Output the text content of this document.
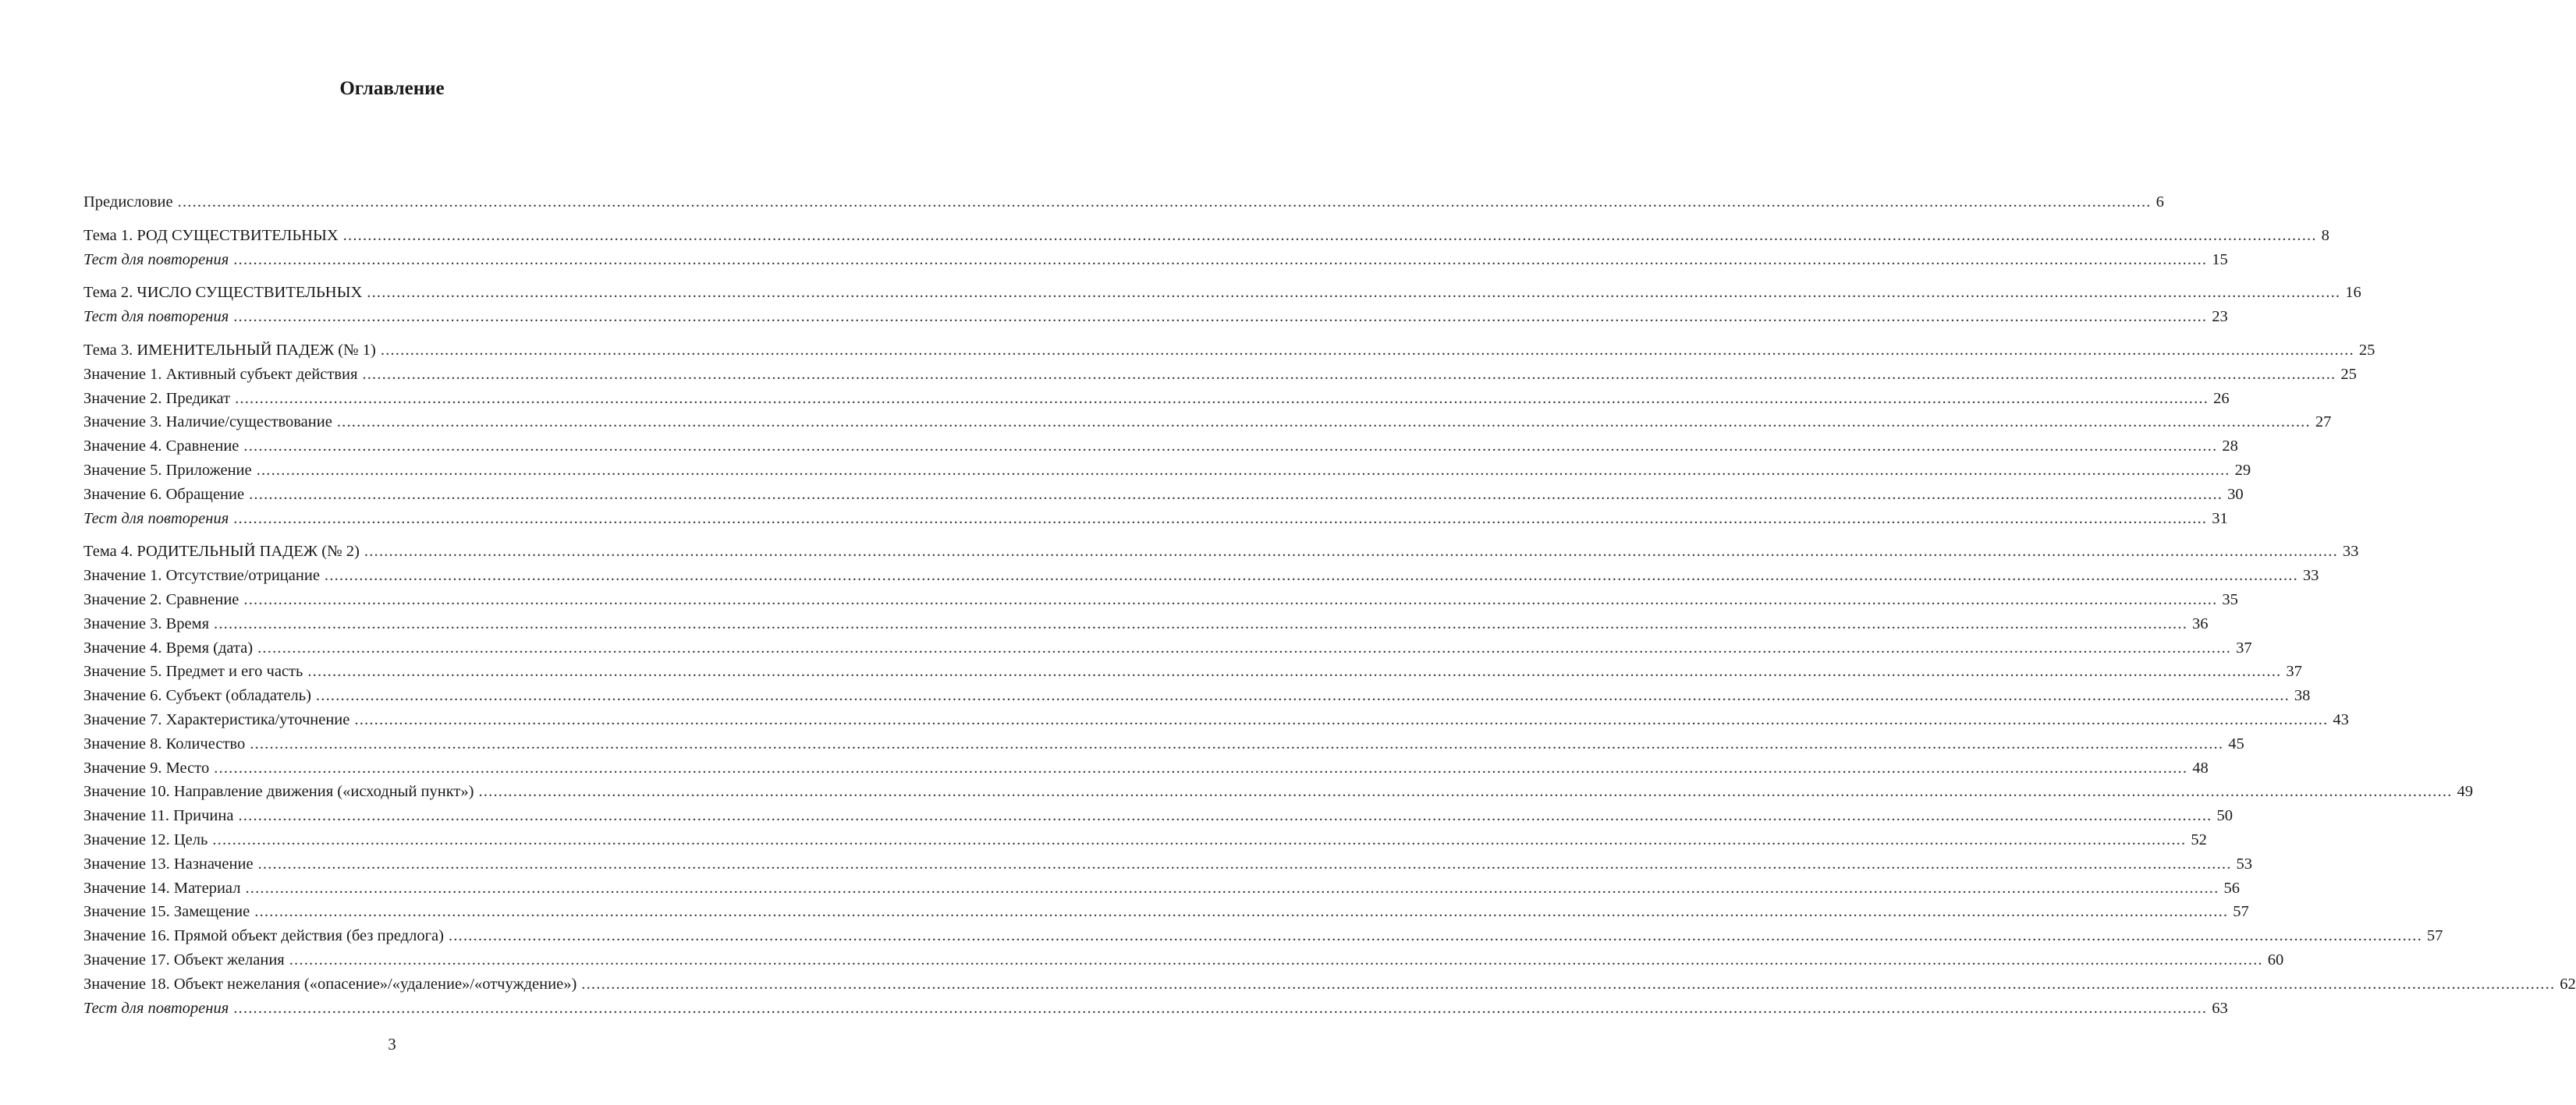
Оглавление
Предисловие ................................................................................................................................................................................................................................................................................................................................................................................................................ 6
Тема 1. РОД СУЩЕСТВИТЕЛЬНЫХ ................................................................................................................................................................................................................................................................................................................................................................................................................ 8
Тест для повторения ................................................................................................................................................................................................................................................................................................................................................................................................................ 15
Тема 2. ЧИСЛО СУЩЕСТВИТЕЛЬНЫХ ................................................................................................................................................................................................................................................................................................................................................................................................................ 16
Тест для повторения ................................................................................................................................................................................................................................................................................................................................................................................................................ 23
Тема 3. ИМЕНИТЕЛЬНЫЙ ПАДЕЖ (№ 1) ................................................................................................................................................................................................................................................................................................................................................................................................................ 25
Значение 1. Активный субъект действия ................................................................................................................................................................................................................................................................................................................................................................................................................ 25
Значение 2. Предикат ................................................................................................................................................................................................................................................................................................................................................................................................................ 26
Значение 3. Наличие/существование ................................................................................................................................................................................................................................................................................................................................................................................................................ 27
Значение 4. Сравнение ................................................................................................................................................................................................................................................................................................................................................................................................................ 28
Значение 5. Приложение ................................................................................................................................................................................................................................................................................................................................................................................................................ 29
Значение 6. Обращение ................................................................................................................................................................................................................................................................................................................................................................................................................ 30
Тест для повторения ................................................................................................................................................................................................................................................................................................................................................................................................................ 31
Тема 4. РОДИТЕЛЬНЫЙ ПАДЕЖ (№ 2) ................................................................................................................................................................................................................................................................................................................................................................................................................ 33
Значение 1. Отсутствие/отрицание ................................................................................................................................................................................................................................................................................................................................................................................................................ 33
Значение 2. Сравнение ................................................................................................................................................................................................................................................................................................................................................................................................................ 35
Значение 3. Время ................................................................................................................................................................................................................................................................................................................................................................................................................ 36
Значение 4. Время (дата) ................................................................................................................................................................................................................................................................................................................................................................................................................ 37
Значение 5. Предмет и его часть ................................................................................................................................................................................................................................................................................................................................................................................................................ 37
Значение 6. Субъект (обладатель) ................................................................................................................................................................................................................................................................................................................................................................................................................ 38
Значение 7. Характеристика/уточнение ................................................................................................................................................................................................................................................................................................................................................................................................................ 43
Значение 8. Количество ................................................................................................................................................................................................................................................................................................................................................................................................................ 45
Значение 9. Место ................................................................................................................................................................................................................................................................................................................................................................................................................ 48
Значение 10. Направление движения («исходный пункт») ................................................................................................................................................................................................................................................................................................................................................................................................................ 49
Значение 11. Причина ................................................................................................................................................................................................................................................................................................................................................................................................................ 50
Значение 12. Цель ................................................................................................................................................................................................................................................................................................................................................................................................................ 52
Значение 13. Назначение ................................................................................................................................................................................................................................................................................................................................................................................................................ 53
Значение 14. Материал ................................................................................................................................................................................................................................................................................................................................................................................................................ 56
Значение 15. Замещение ................................................................................................................................................................................................................................................................................................................................................................................................................ 57
Значение 16. Прямой объект действия (без предлога) ................................................................................................................................................................................................................................................................................................................................................................................................................ 57
Значение 17. Объект желания ................................................................................................................................................................................................................................................................................................................................................................................................................ 60
Значение 18. Объект нежелания («опасение»/«удаление»/«отчуждение») ................................................................................................................................................................................................................................................................................................................................................................................................................ 62
Тест для повторения ................................................................................................................................................................................................................................................................................................................................................................................................................ 63
3
